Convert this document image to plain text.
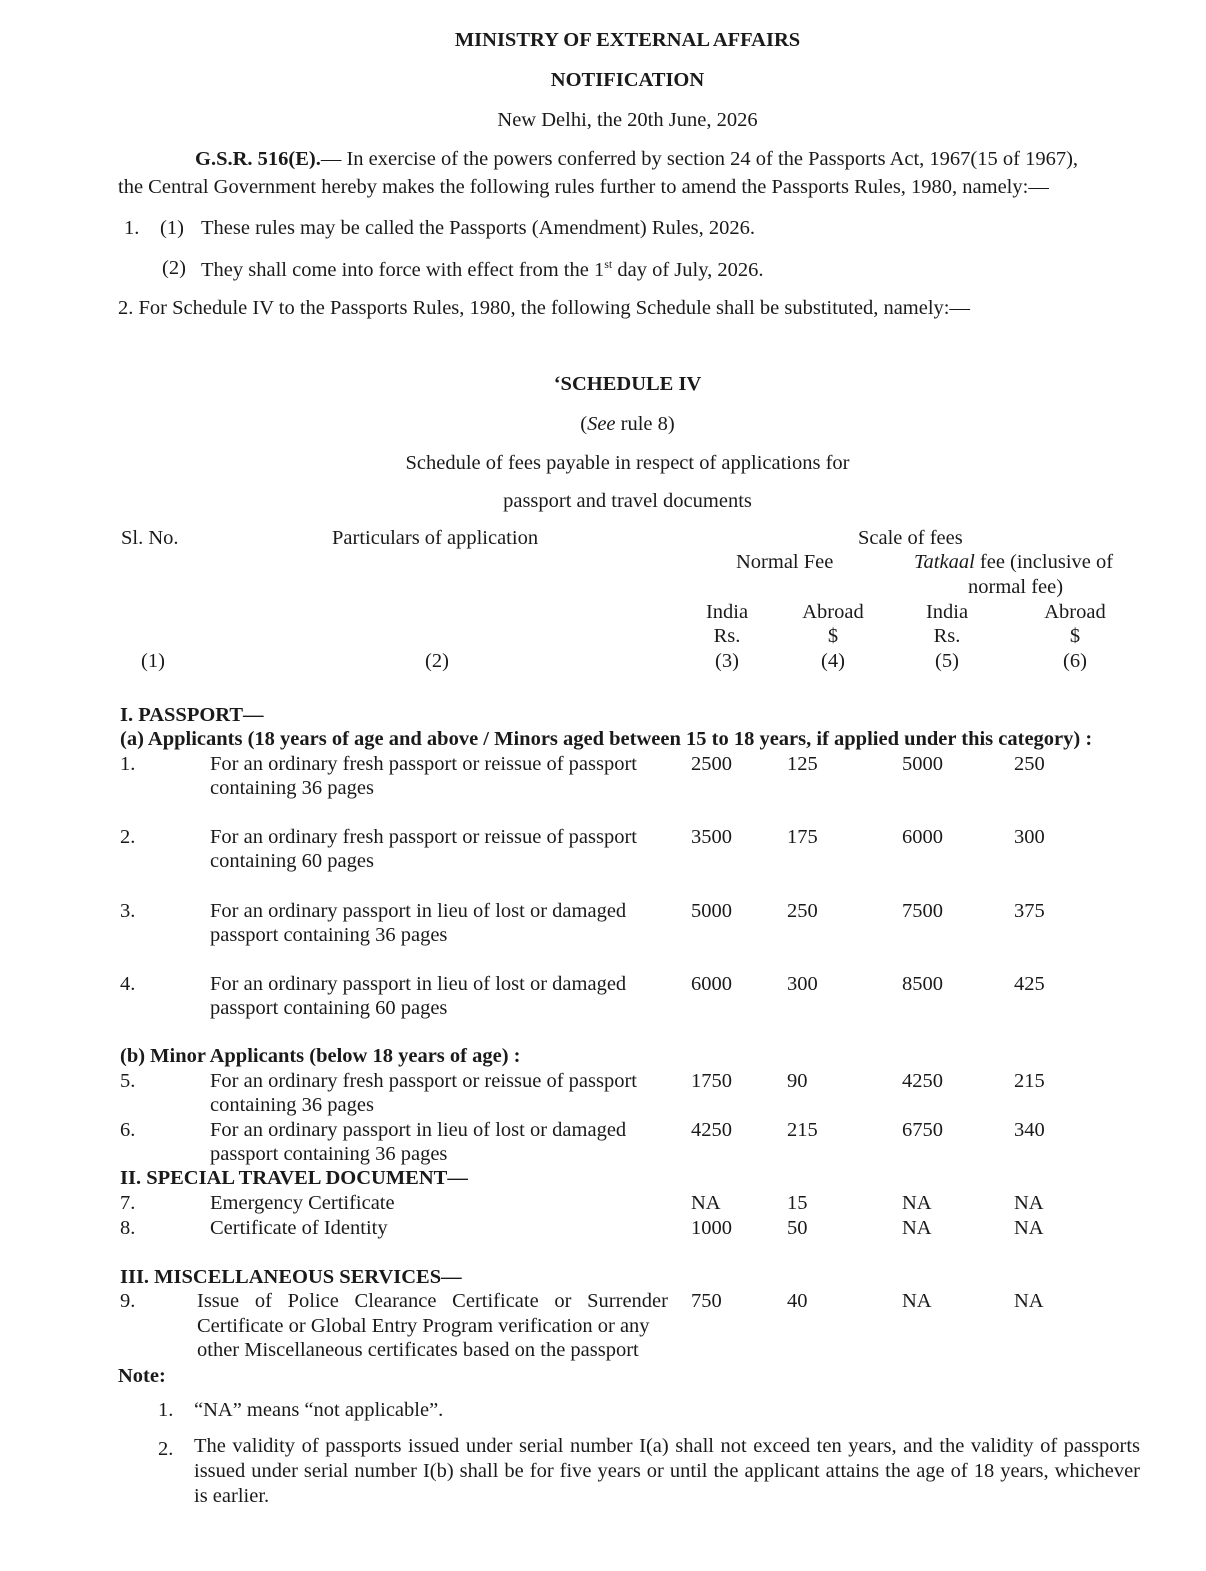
MINISTRY OF EXTERNAL AFFAIRS
NOTIFICATION
New Delhi, the 20th June, 2026
G.S.R. 516(E).— In exercise of the powers conferred by section 24 of the Passports Act, 1967(15 of 1967),
the Central Government hereby makes the following rules further to amend the Passports Rules, 1980, namely:—
1. (1) These rules may be called the Passports (Amendment) Rules, 2026.
(2) They shall come into force with effect from the 1st day of July, 2026.
2. For Schedule IV to the Passports Rules, 1980, the following Schedule shall be substituted, namely:—
‘SCHEDULE IV
(See rule 8)
Schedule of fees payable in respect of applications for
passport and travel documents
Sl. No.	Particulars of application	Scale of fees
Normal Fee	Tatkaal fee (inclusive of
normal fee)
India	Abroad	India	Abroad
Rs.	$	Rs.	$
(1)	(2)	(3)	(4)	(5)	(6)
I. PASSPORT—
(a) Applicants (18 years of age and above / Minors aged between 15 to 18 years, if applied under this category) :
1.	For an ordinary fresh passport or reissue of passport
containing 36 pages
2500	125	5000	250
2.	For an ordinary fresh passport or reissue of passport
containing 60 pages
3500	175	6000	300
3.	For an ordinary passport in lieu of lost or damaged
passport containing 36 pages
5000	250	7500	375
4.	For an ordinary passport in lieu of lost or damaged
passport containing 60 pages
6000	300	8500	425
(b) Minor Applicants (below 18 years of age) :
5.	For an ordinary fresh passport or reissue of passport
containing 36 pages
1750	90	4250	215
6.	For an ordinary passport in lieu of lost or damaged
passport containing 36 pages
4250	215	6750	340
II. SPECIAL TRAVEL DOCUMENT—
7.	Emergency Certificate	NA	15	NA	NA
8.	Certificate of Identity	1000	50	NA	NA
III. MISCELLANEOUS SERVICES—
9.	Issue of Police Clearance Certificate or Surrender
Certificate or Global Entry Program verification or any
other Miscellaneous certificates based on the passport
750	40	NA	NA
Note:
1. “NA” means “not applicable”.
2. The validity of passports issued under serial number I(a) shall not exceed ten years, and the validity of passports issued under serial number I(b) shall be for five years or until the applicant attains the age of 18 years, whichever is earlier.
